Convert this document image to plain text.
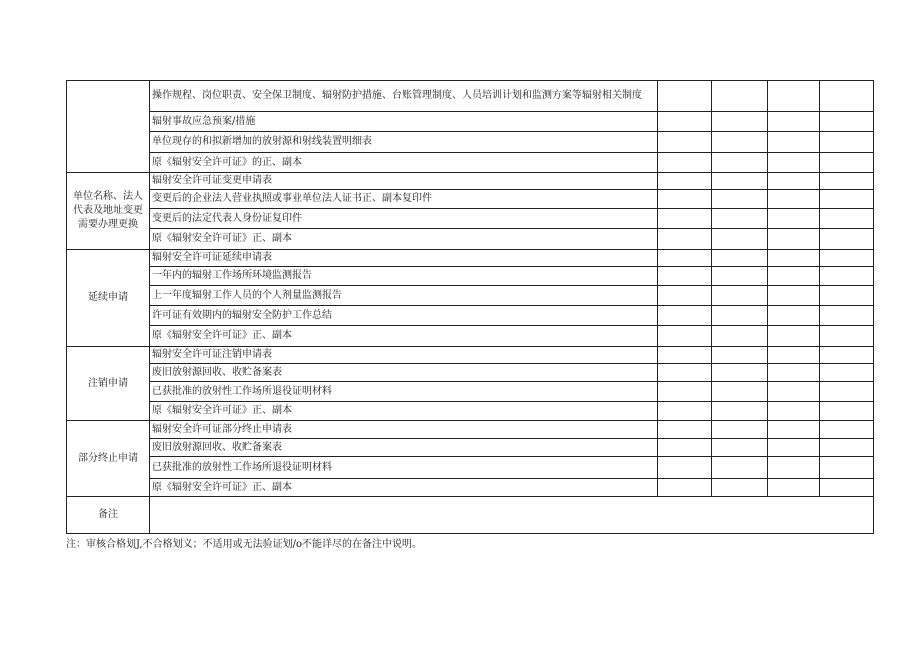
	操作规程、岗位职责、安全保卫制度、辐射防护措施、台账管理制度、人员培训计划和监测方案等辐射相关制度				
	辐射事故应急预案/措施				
	单位现存的和拟新增加的放射源和射线装置明细表				
	原《辐射安全许可证》的正、副本				
单位名称、法人代表及地址变更需要办理更换	辐射安全许可证变更申请表				
	变更后的企业法人营业执照或事业单位法人证书正、副本复印件				
	变更后的法定代表人身份证复印件				
	原《辐射安全许可证》正、副本				
延续申请	辐射安全许可证延续申请表				
	一年内的辐射工作场所环境监测报告				
	上一年度辐射工作人员的个人剂量监测报告				
	许可证有效期内的辐射安全防护工作总结				
	原《辐射安全许可证》正、副本				
注销申请	辐射安全许可证注销申请表				
	废旧放射源回收、收贮备案表				
	已获批准的放射性工作场所退役证明材料				
	原《辐射安全许可证》正、副本				
部分终止申请	辐射安全许可证部分终止申请表				
	废旧放射源回收、收贮备案表				
	已获批准的放射性工作场所退役证明材料				
	原《辐射安全许可证》正、副本				
备注					
注：审核合格划J,不合格划义；不适用或无法验证划/o不能详尽的在备注中说明。
